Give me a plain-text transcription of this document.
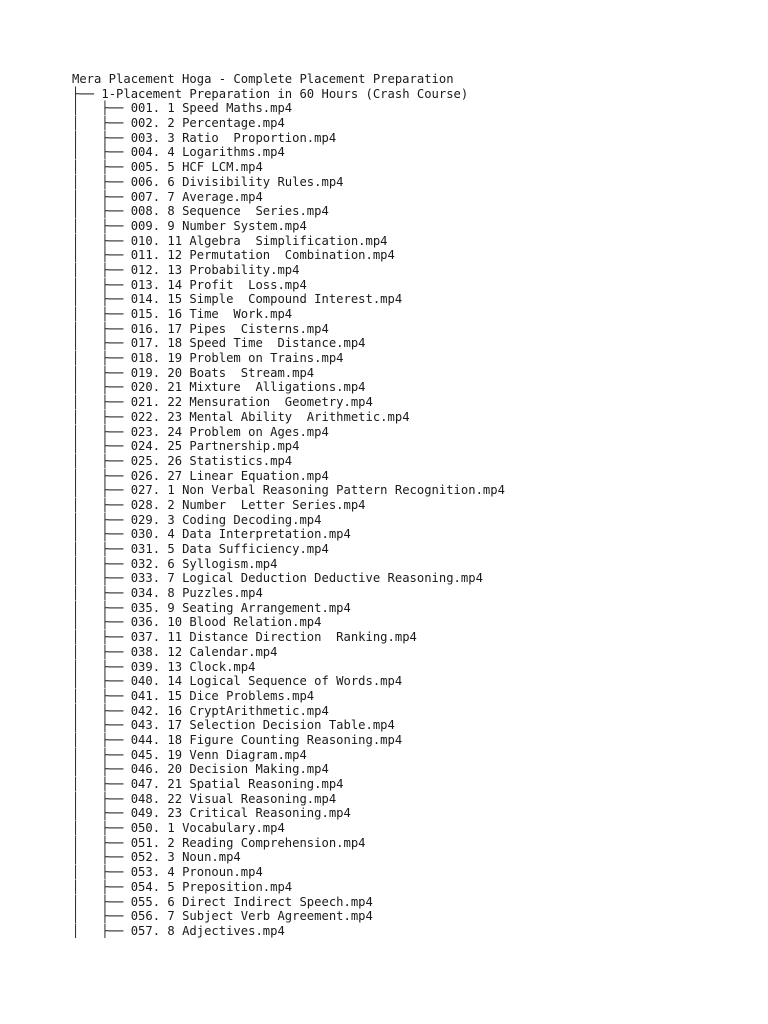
Mera Placement Hoga - Complete Placement Preparation
├── 1-Placement Preparation in 60 Hours (Crash Course)
│   ├── 001. 1 Speed Maths.mp4
│   ├── 002. 2 Percentage.mp4
│   ├── 003. 3 Ratio  Proportion.mp4
│   ├── 004. 4 Logarithms.mp4
│   ├── 005. 5 HCF LCM.mp4
│   ├── 006. 6 Divisibility Rules.mp4
│   ├── 007. 7 Average.mp4
│   ├── 008. 8 Sequence  Series.mp4
│   ├── 009. 9 Number System.mp4
│   ├── 010. 11 Algebra  Simplification.mp4
│   ├── 011. 12 Permutation  Combination.mp4
│   ├── 012. 13 Probability.mp4
│   ├── 013. 14 Profit  Loss.mp4
│   ├── 014. 15 Simple  Compound Interest.mp4
│   ├── 015. 16 Time  Work.mp4
│   ├── 016. 17 Pipes  Cisterns.mp4
│   ├── 017. 18 Speed Time  Distance.mp4
│   ├── 018. 19 Problem on Trains.mp4
│   ├── 019. 20 Boats  Stream.mp4
│   ├── 020. 21 Mixture  Alligations.mp4
│   ├── 021. 22 Mensuration  Geometry.mp4
│   ├── 022. 23 Mental Ability  Arithmetic.mp4
│   ├── 023. 24 Problem on Ages.mp4
│   ├── 024. 25 Partnership.mp4
│   ├── 025. 26 Statistics.mp4
│   ├── 026. 27 Linear Equation.mp4
│   ├── 027. 1 Non Verbal Reasoning Pattern Recognition.mp4
│   ├── 028. 2 Number  Letter Series.mp4
│   ├── 029. 3 Coding Decoding.mp4
│   ├── 030. 4 Data Interpretation.mp4
│   ├── 031. 5 Data Sufficiency.mp4
│   ├── 032. 6 Syllogism.mp4
│   ├── 033. 7 Logical Deduction Deductive Reasoning.mp4
│   ├── 034. 8 Puzzles.mp4
│   ├── 035. 9 Seating Arrangement.mp4
│   ├── 036. 10 Blood Relation.mp4
│   ├── 037. 11 Distance Direction  Ranking.mp4
│   ├── 038. 12 Calendar.mp4
│   ├── 039. 13 Clock.mp4
│   ├── 040. 14 Logical Sequence of Words.mp4
│   ├── 041. 15 Dice Problems.mp4
│   ├── 042. 16 CryptArithmetic.mp4
│   ├── 043. 17 Selection Decision Table.mp4
│   ├── 044. 18 Figure Counting Reasoning.mp4
│   ├── 045. 19 Venn Diagram.mp4
│   ├── 046. 20 Decision Making.mp4
│   ├── 047. 21 Spatial Reasoning.mp4
│   ├── 048. 22 Visual Reasoning.mp4
│   ├── 049. 23 Critical Reasoning.mp4
│   ├── 050. 1 Vocabulary.mp4
│   ├── 051. 2 Reading Comprehension.mp4
│   ├── 052. 3 Noun.mp4
│   ├── 053. 4 Pronoun.mp4
│   ├── 054. 5 Preposition.mp4
│   ├── 055. 6 Direct Indirect Speech.mp4
│   ├── 056. 7 Subject Verb Agreement.mp4
│   ├── 057. 8 Adjectives.mp4
